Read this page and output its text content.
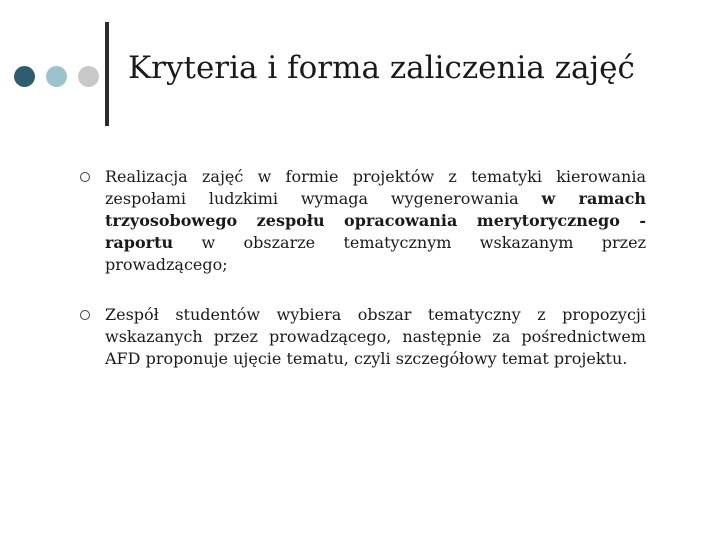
Kryteria i forma zaliczenia zajęć
Realizacja zajęć w formie projektów z tematyki kierowania zespołami ludzkimi wymaga wygenerowania w ramach trzyosobowego zespołu opracowania merytorycznego - raportu w obszarze tematycznym wskazanym przez prowadzącego;
Zespół studentów wybiera obszar tematyczny z propozycji wskazanych przez prowadzącego, następnie za pośrednictwem AFD proponuje ujęcie tematu, czyli szczegółowy temat projektu.
